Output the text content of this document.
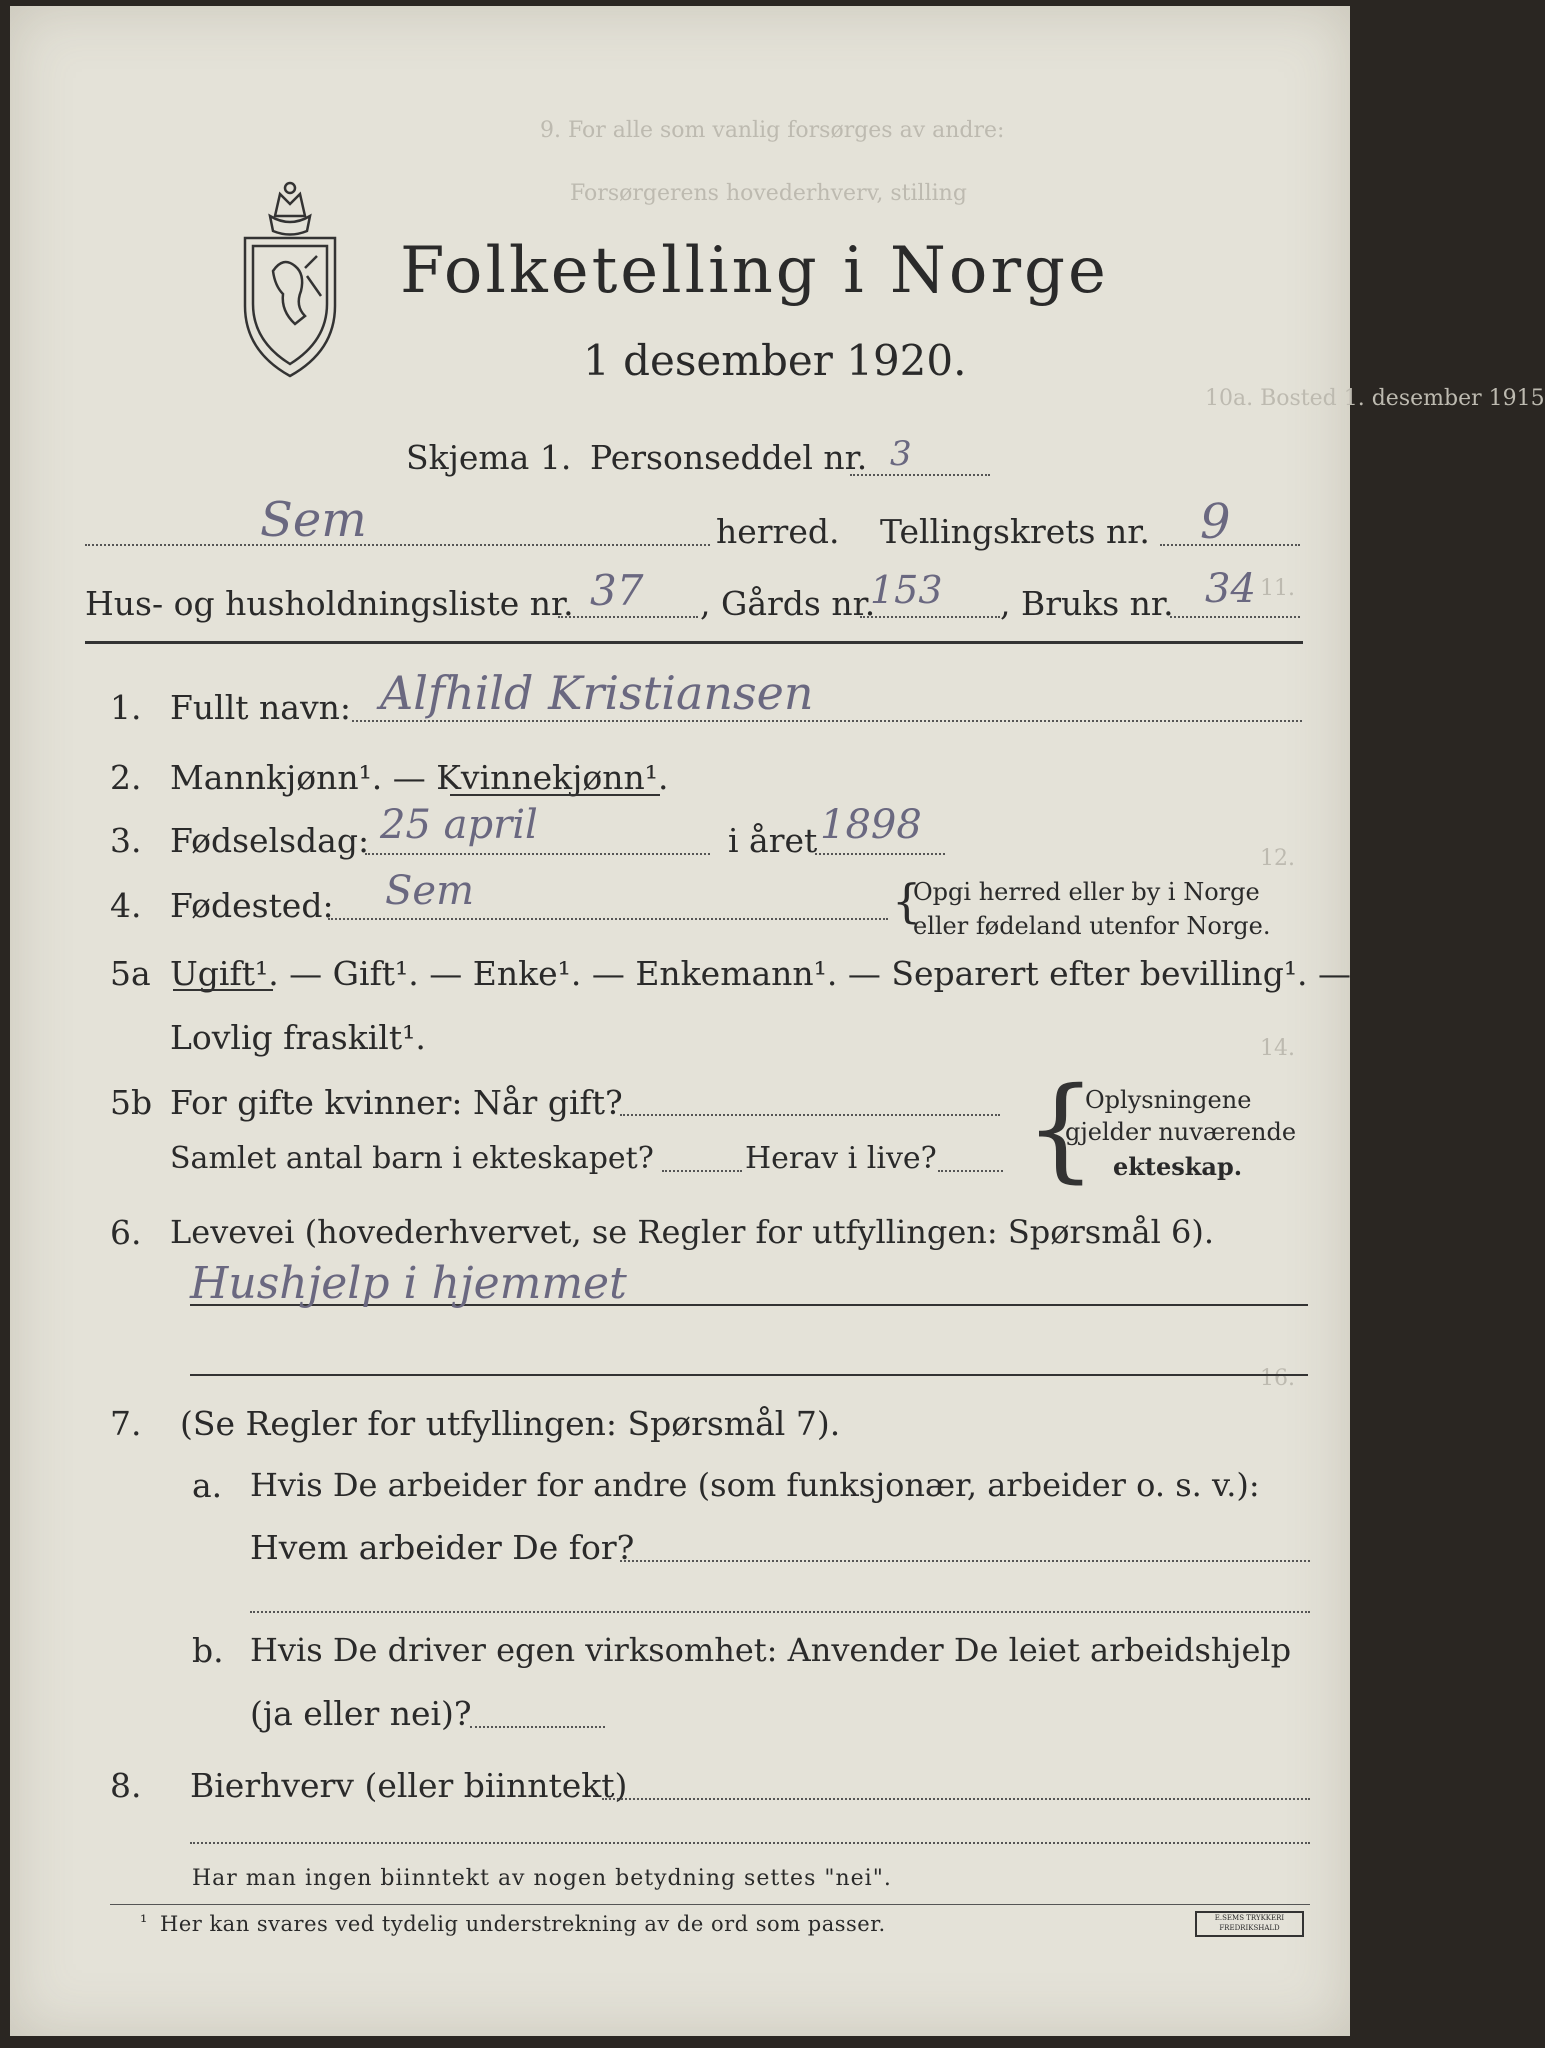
9. For alle som vanlig forsørges av andre:
Forsørgerens hovederhverv, stilling
10a. Bosted 1. desember 1915
11.
12.
14.
16.
Folketelling i Norge
1 desember 1920.
Skjema 1. Personseddel nr. 3
Sem	herred. Tellingskrets nr. 9
Hus- og husholdningsliste nr. 37 , Gårds nr.
153 , Bruks nr. 34
1. Fullt navn: Alfhild Kristiansen
2. Mannkjønn¹. — Kvinnekjønn¹.
3. Fødselsdag: 25 april	i året 1898
4. Fødested: Sem	{
Opgi herred eller by i Norge
eller fødeland utenfor Norge.
5a Ugift¹. — Gift¹. — Enke¹. — Enkemann¹. — Separert efter bevilling¹. —
Lovlig fraskilt¹.
5b For gifte kvinner: Når gift?
Samlet antal barn i ekteskapet?	Herav i live? {
Oplysningene
gjelder nuværende
ekteskap.
6. Levevei (hovederhvervet, se Regler for utfyllingen: Spørsmål 6).
Hushjelp i hjemmet
7. (Se Regler for utfyllingen: Spørsmål 7).
a. Hvis De arbeider for andre (som funksjonær, arbeider o. s. v.):
Hvem arbeider De for?
b. Hvis De driver egen virksomhet: Anvender De leiet arbeidshjelp
(ja eller nei)?
8. Bierhverv (eller biinntekt)
Har man ingen biinntekt av nogen betydning settes "nei".
¹ Her kan svares ved tydelig understrekning av de ord som passer.	E.SEMS TRYKKERI FREDRIKSHALD
